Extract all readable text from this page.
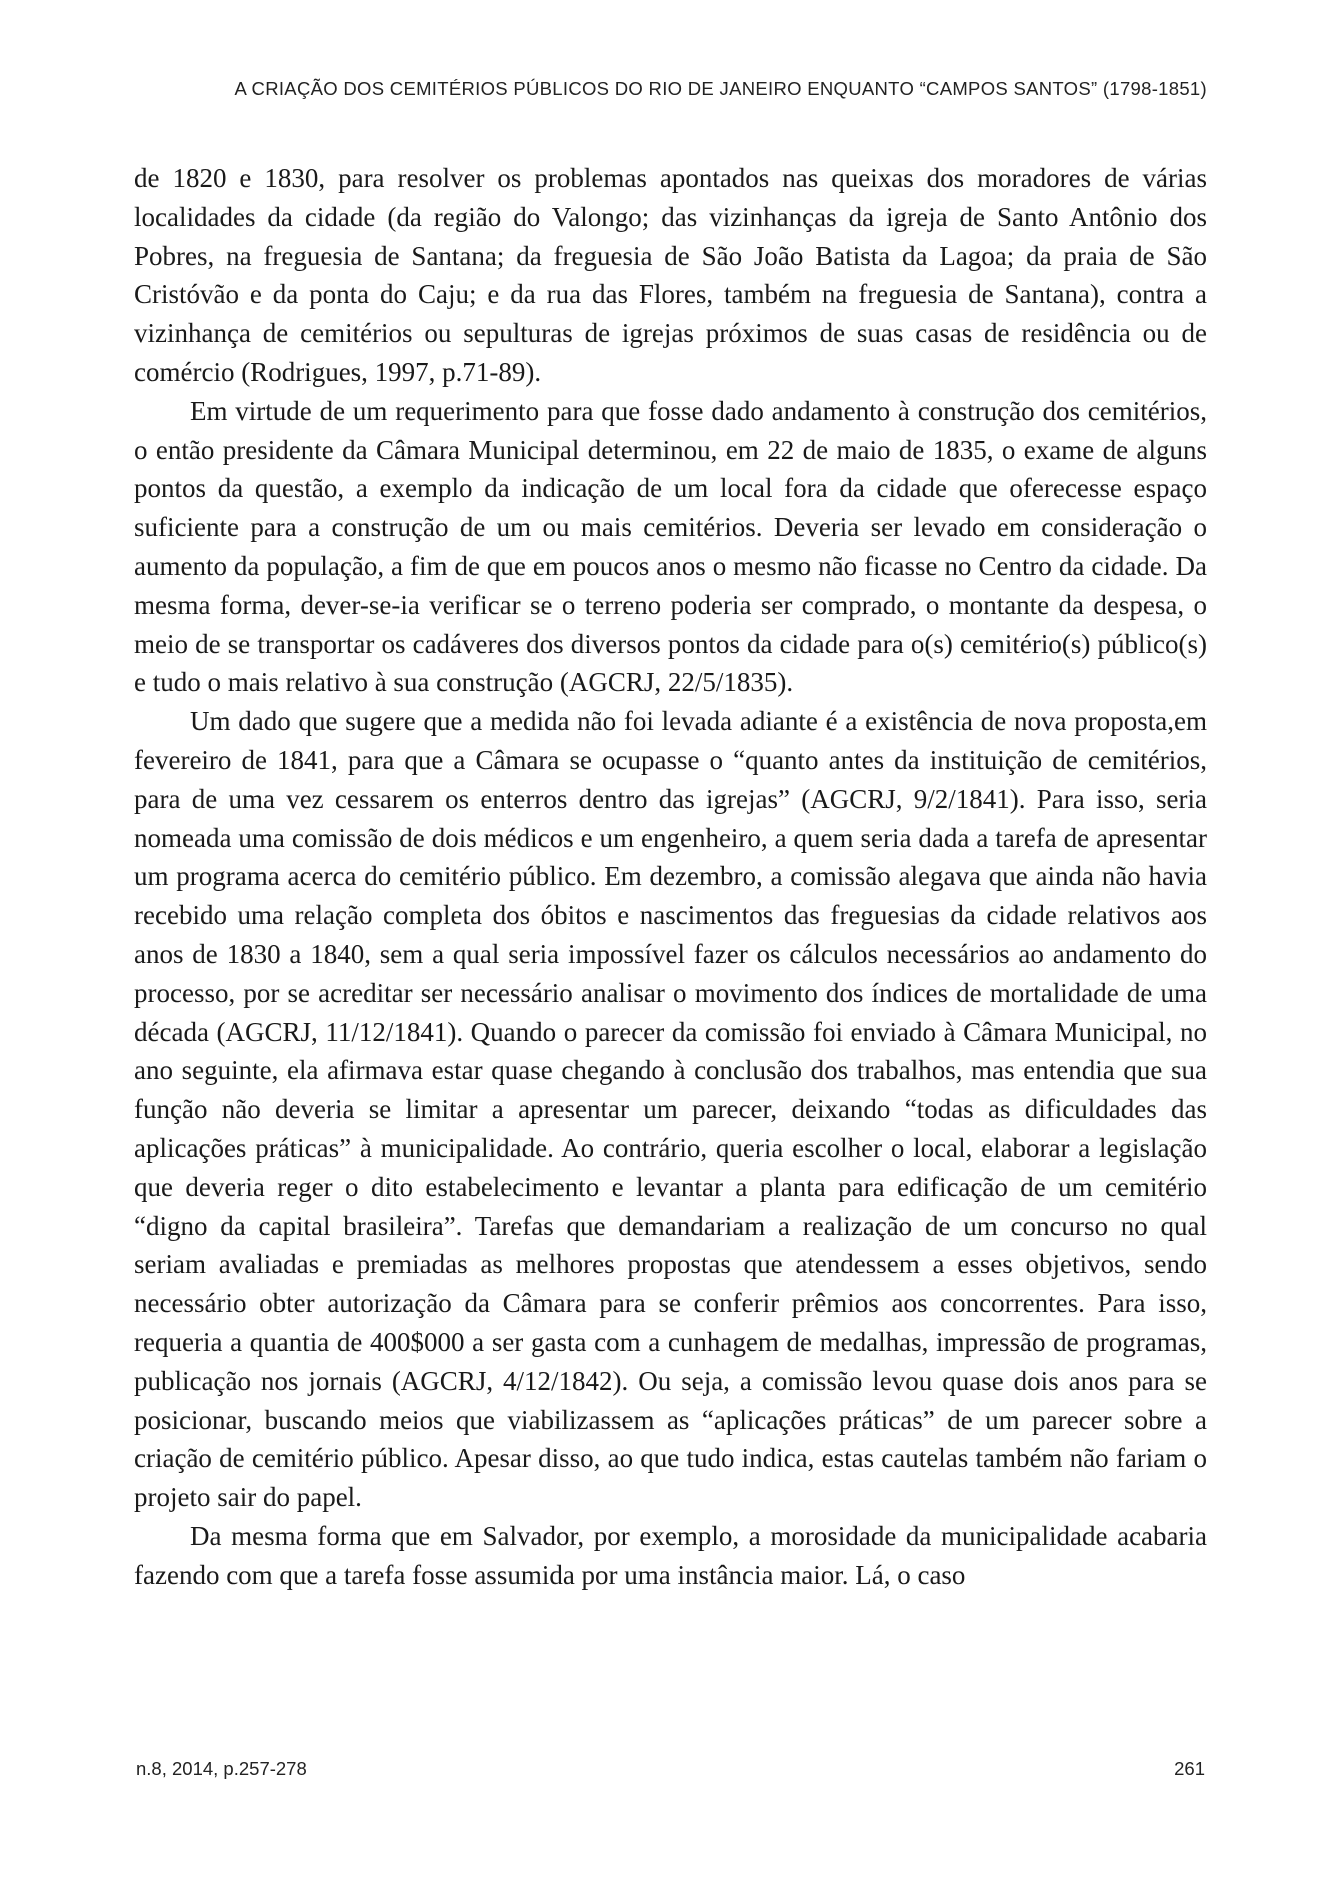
A CRIAÇÃO DOS CEMITÉRIOS PÚBLICOS DO RIO DE JANEIRO ENQUANTO “CAMPOS SANTOS” (1798-1851)

de 1820 e 1830, para resolver os problemas apontados nas queixas dos moradores de várias localidades da cidade (da região do Valongo; das vizinhanças da igreja de Santo Antônio dos Pobres, na freguesia de Santana; da freguesia de São João Batista da Lagoa; da praia de São Cristóvão e da ponta do Caju; e da rua das Flores, também na freguesia de Santana), contra a vizinhança de cemitérios ou sepulturas de igrejas próximos de suas casas de residência ou de comércio (Rodrigues, 1997, p.71-89).

Em virtude de um requerimento para que fosse dado andamento à construção dos cemitérios, o então presidente da Câmara Municipal determinou, em 22 de maio de 1835, o exame de alguns pontos da questão, a exemplo da indicação de um local fora da cidade que oferecesse espaço suficiente para a construção de um ou mais cemitérios. Deveria ser levado em consideração o aumento da população, a fim de que em poucos anos o mesmo não ficasse no Centro da cidade. Da mesma forma, dever-se-ia verificar se o terreno poderia ser comprado, o montante da despesa, o meio de se transportar os cadáveres dos diversos pontos da cidade para o(s) cemitério(s) público(s) e tudo o mais relativo à sua construção (AGCRJ, 22/5/1835).

Um dado que sugere que a medida não foi levada adiante é a existência de nova proposta,em fevereiro de 1841, para que a Câmara se ocupasse o “quanto antes da instituição de cemitérios, para de uma vez cessarem os enterros dentro das igrejas” (AGCRJ, 9/2/1841). Para isso, seria nomeada uma comissão de dois médicos e um engenheiro, a quem seria dada a tarefa de apresentar um programa acerca do cemitério público. Em dezembro, a comissão alegava que ainda não havia recebido uma relação completa dos óbitos e nascimentos das freguesias da cidade relativos aos anos de 1830 a 1840, sem a qual seria impossível fazer os cálculos necessários ao andamento do processo, por se acreditar ser necessário analisar o movimento dos índices de mortalidade de uma década (AGCRJ, 11/12/1841). Quando o parecer da comissão foi enviado à Câmara Municipal, no ano seguinte, ela afirmava estar quase chegando à conclusão dos trabalhos, mas entendia que sua função não deveria se limitar a apresentar um parecer, deixando “todas as dificuldades das aplicações práticas” à municipalidade. Ao contrário, queria escolher o local, elaborar a legislação que deveria reger o dito estabelecimento e levantar a planta para edificação de um cemitério “digno da capital brasileira”. Tarefas que demandariam a realização de um concurso no qual seriam avaliadas e premiadas as melhores propostas que atendessem a esses objetivos, sendo necessário obter autorização da Câmara para se conferir prêmios aos concorrentes. Para isso, requeria a quantia de 400$000 a ser gasta com a cunhagem de medalhas, impressão de programas, publicação nos jornais (AGCRJ, 4/12/1842). Ou seja, a comissão levou quase dois anos para se posicionar, buscando meios que viabilizassem as “aplicações práticas” de um parecer sobre a criação de cemitério público. Apesar disso, ao que tudo indica, estas cautelas também não fariam o projeto sair do papel.

Da mesma forma que em Salvador, por exemplo, a morosidade da municipalidade acabaria fazendo com que a tarefa fosse assumida por uma instância maior. Lá, o caso

n.8, 2014, p.257-278	261
